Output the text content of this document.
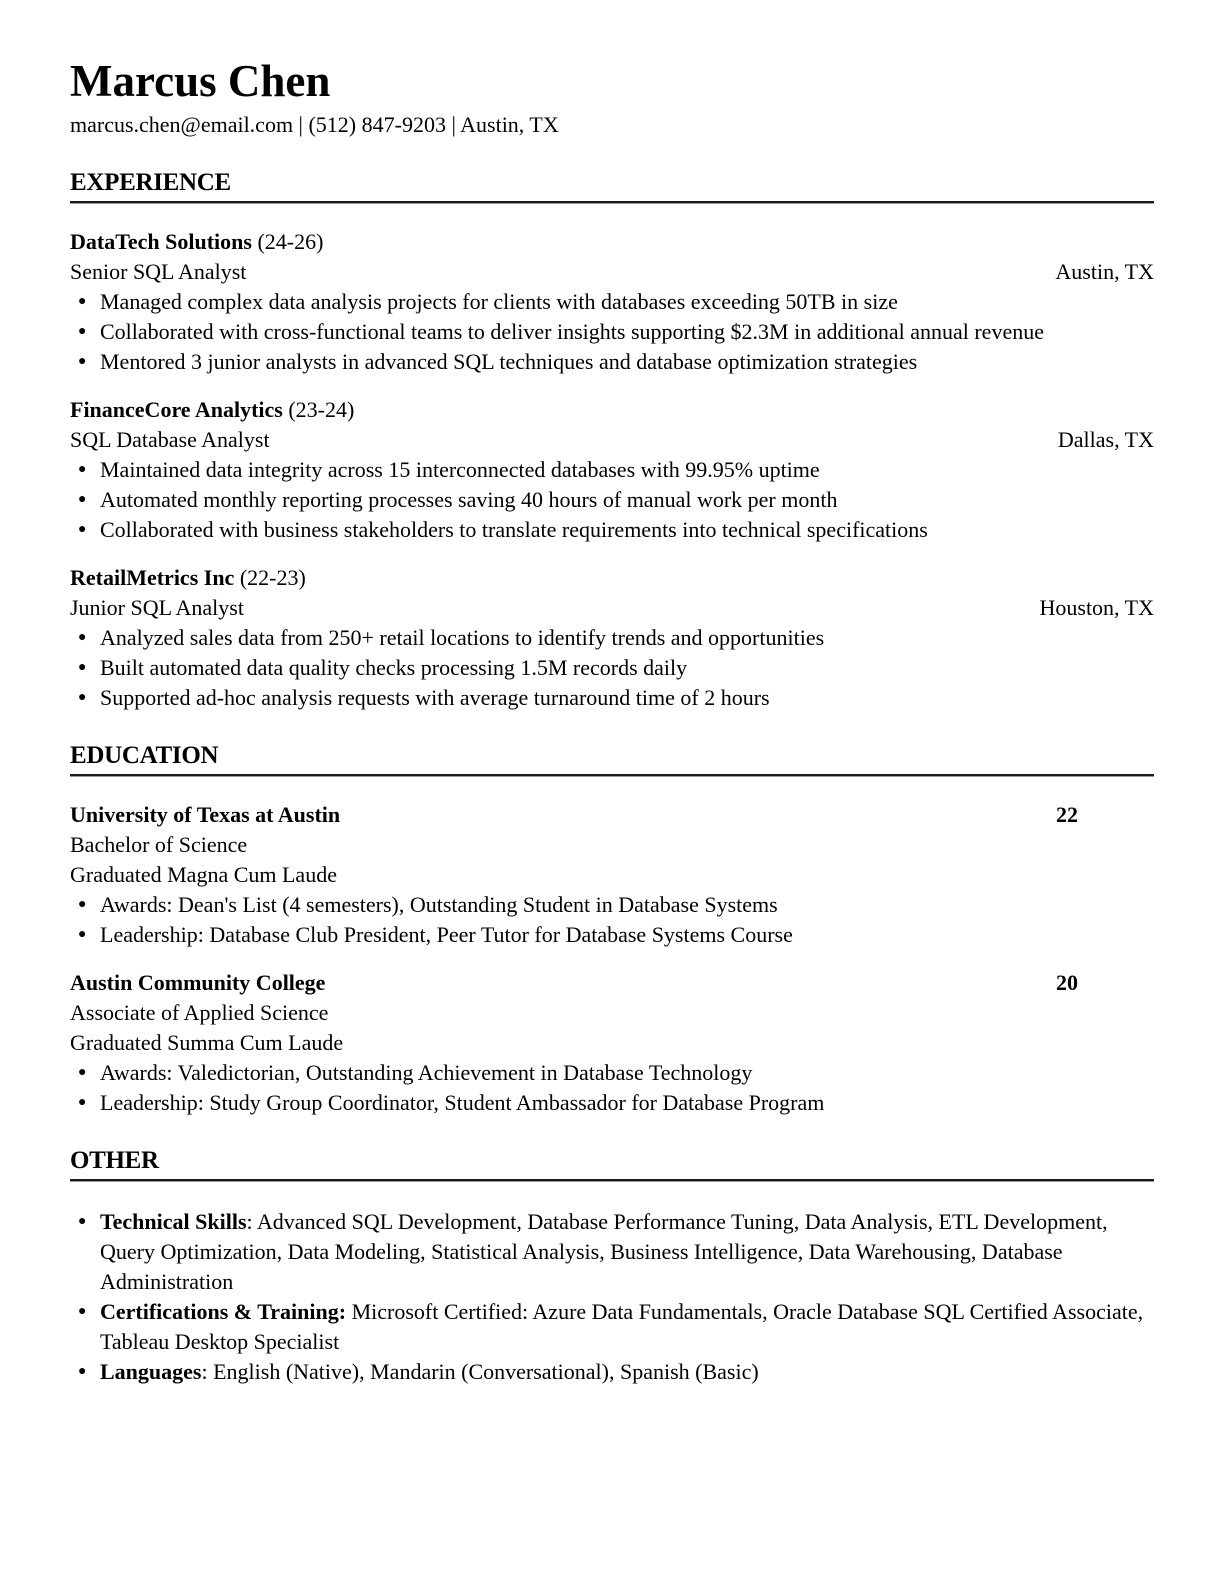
Marcus Chen
marcus.chen@email.com | (512) 847-9203 | Austin, TX
EXPERIENCE
DataTech Solutions (24-26)
Senior SQL Analyst	Austin, TX
● Managed complex data analysis projects for clients with databases exceeding 50TB in size
● Collaborated with cross-functional teams to deliver insights supporting $2.3M in additional annual revenue
● Mentored 3 junior analysts in advanced SQL techniques and database optimization strategies
FinanceCore Analytics (23-24)
SQL Database Analyst	Dallas, TX
● Maintained data integrity across 15 interconnected databases with 99.95% uptime
● Automated monthly reporting processes saving 40 hours of manual work per month
● Collaborated with business stakeholders to translate requirements into technical specifications
RetailMetrics Inc (22-23)
Junior SQL Analyst	Houston, TX
● Analyzed sales data from 250+ retail locations to identify trends and opportunities
● Built automated data quality checks processing 1.5M records daily
● Supported ad-hoc analysis requests with average turnaround time of 2 hours
EDUCATION
University of Texas at Austin	22
Bachelor of Science
Graduated Magna Cum Laude
● Awards: Dean's List (4 semesters), Outstanding Student in Database Systems
● Leadership: Database Club President, Peer Tutor for Database Systems Course
Austin Community College	20
Associate of Applied Science
Graduated Summa Cum Laude
● Awards: Valedictorian, Outstanding Achievement in Database Technology
● Leadership: Study Group Coordinator, Student Ambassador for Database Program
OTHER
● Technical Skills: Advanced SQL Development, Database Performance Tuning, Data Analysis, ETL Development, Query Optimization, Data Modeling, Statistical Analysis, Business Intelligence, Data Warehousing, Database Administration
● Certifications & Training: Microsoft Certified: Azure Data Fundamentals, Oracle Database SQL Certified Associate, Tableau Desktop Specialist
● Languages: English (Native), Mandarin (Conversational), Spanish (Basic)
